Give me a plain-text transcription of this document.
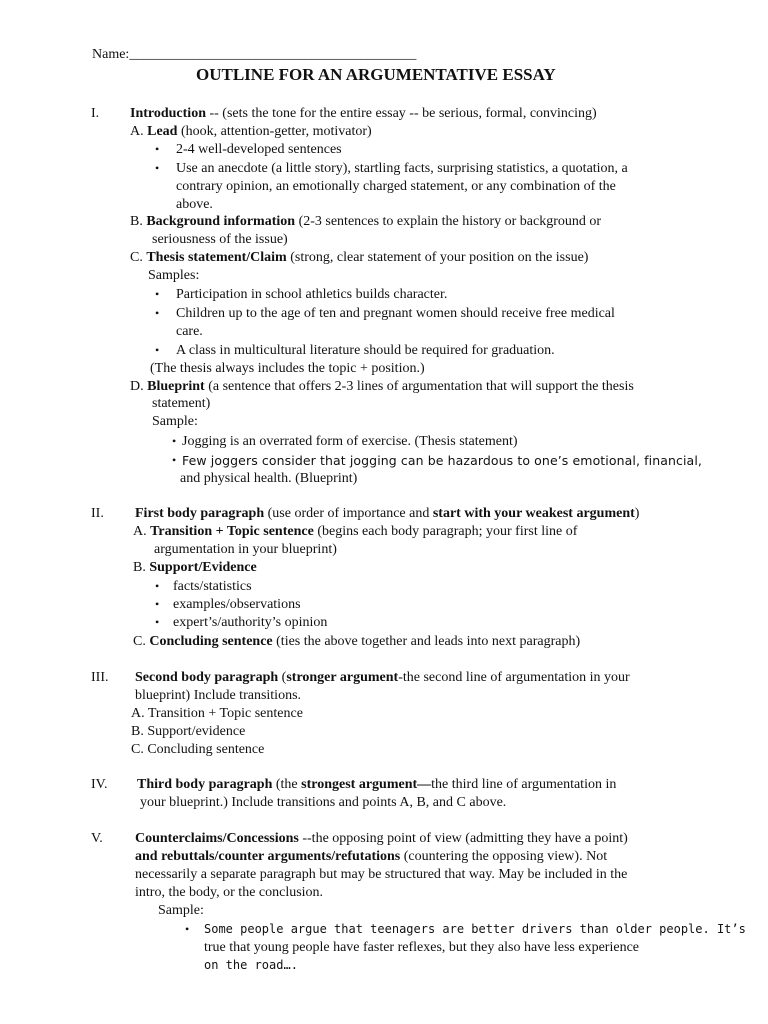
Name:_________________________________________
OUTLINE FOR AN ARGUMENTATIVE ESSAY
I. Introduction -- (sets the tone for the entire essay -- be serious, formal, convincing)
A. Lead (hook, attention-getter, motivator)
• 2-4 well-developed sentences
• Use an anecdote (a little story), startling facts, surprising statistics, a quotation, a
contrary opinion, an emotionally charged statement, or any combination of the
above.
B. Background information (2-3 sentences to explain the history or background or
seriousness of the issue)
C. Thesis statement/Claim (strong, clear statement of your position on the issue)
Samples:
• Participation in school athletics builds character.
• Children up to the age of ten and pregnant women should receive free medical
care.
• A class in multicultural literature should be required for graduation.
(The thesis always includes the topic + position.)
D. Blueprint (a sentence that offers 2-3 lines of argumentation that will support the thesis
statement)
Sample:
• Jogging is an overrated form of exercise. (Thesis statement)
• Few joggers consider that jogging can be hazardous to one’s emotional, financial,
and physical health. (Blueprint)
II. First body paragraph (use order of importance and start with your weakest argument)
A. Transition + Topic sentence (begins each body paragraph; your first line of
argumentation in your blueprint)
B. Support/Evidence
• facts/statistics
• examples/observations
• expert’s/authority’s opinion
C. Concluding sentence (ties the above together and leads into next paragraph)
III. Second body paragraph (stronger argument-the second line of argumentation in your
blueprint) Include transitions.
A. Transition + Topic sentence
B. Support/evidence
C. Concluding sentence
IV. Third body paragraph (the strongest argument—the third line of argumentation in
your blueprint.) Include transitions and points A, B, and C above.
V. Counterclaims/Concessions --the opposing point of view (admitting they have a point)
and rebuttals/counter arguments/refutations (countering the opposing view). Not
necessarily a separate paragraph but may be structured that way. May be included in the
intro, the body, or the conclusion.
Sample:
• Some people argue that teenagers are better drivers than older people. It’s
true that young people have faster reflexes, but they also have less experience
on the road….
